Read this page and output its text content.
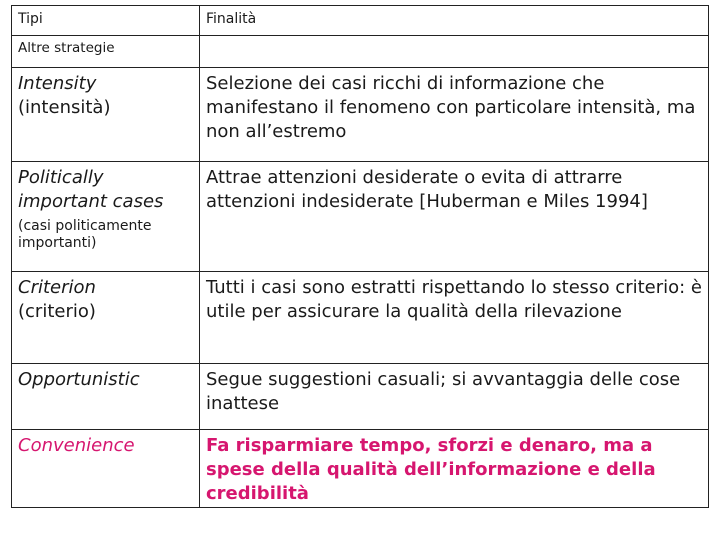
Tipi	Finalità
Altre strategie	

Intensity
(intensità)	Selezione dei casi ricchi di informazione che manifestano il fenomeno con particolare intensità, ma non all’estremo

Politically important cases
(casi politicamente importanti)	Attrae attenzioni desiderate o evita di attrarre attenzioni indesiderate [Huberman e Miles 1994]

Criterion
(criterio)	Tutti i casi sono estratti rispettando lo stesso criterio: è utile per assicurare la qualità della rilevazione

Opportunistic	Segue suggestioni casuali; si avvantaggia delle cose inattese

Convenience	Fa risparmiare tempo, sforzi e denaro, ma a spese della qualità dell’informazione e della credibilità
